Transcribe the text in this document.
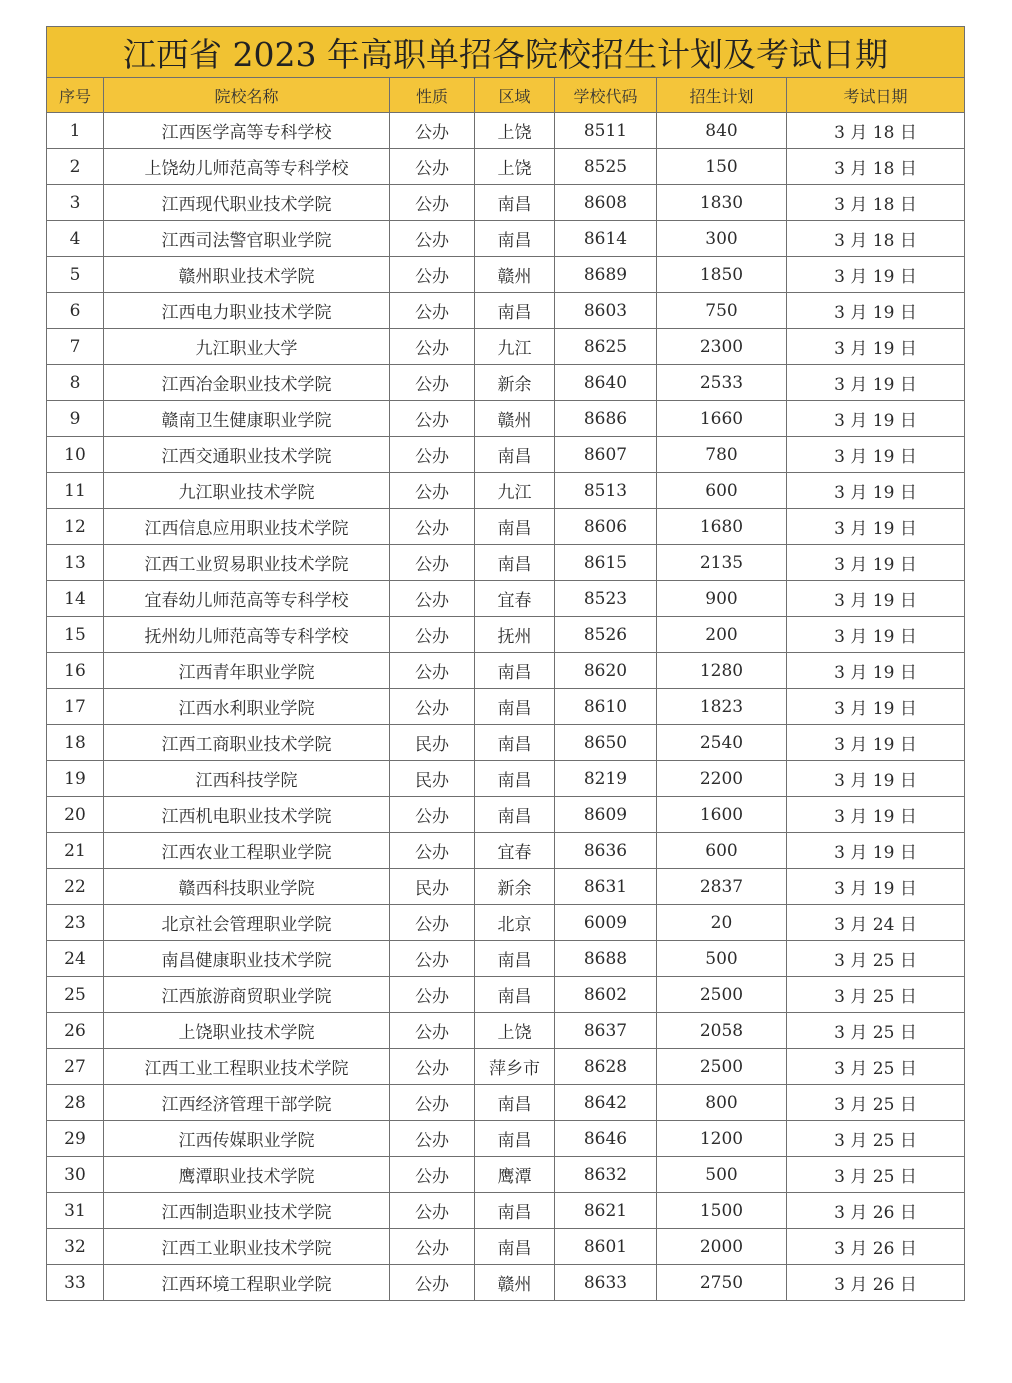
江西省 2023 年高职单招各院校招生计划及考试日期						
序号	院校名称	性质	区域	学校代码	招生计划	考试日期
1	江西医学高等专科学校	公办	上饶	8511	840	3 月 18 日
2	上饶幼儿师范高等专科学校	公办	上饶	8525	150	3 月 18 日
3	江西现代职业技术学院	公办	南昌	8608	1830	3 月 18 日
4	江西司法警官职业学院	公办	南昌	8614	300	3 月 18 日
5	赣州职业技术学院	公办	赣州	8689	1850	3 月 19 日
6	江西电力职业技术学院	公办	南昌	8603	750	3 月 19 日
7	九江职业大学	公办	九江	8625	2300	3 月 19 日
8	江西冶金职业技术学院	公办	新余	8640	2533	3 月 19 日
9	赣南卫生健康职业学院	公办	赣州	8686	1660	3 月 19 日
10	江西交通职业技术学院	公办	南昌	8607	780	3 月 19 日
11	九江职业技术学院	公办	九江	8513	600	3 月 19 日
12	江西信息应用职业技术学院	公办	南昌	8606	1680	3 月 19 日
13	江西工业贸易职业技术学院	公办	南昌	8615	2135	3 月 19 日
14	宜春幼儿师范高等专科学校	公办	宜春	8523	900	3 月 19 日
15	抚州幼儿师范高等专科学校	公办	抚州	8526	200	3 月 19 日
16	江西青年职业学院	公办	南昌	8620	1280	3 月 19 日
17	江西水利职业学院	公办	南昌	8610	1823	3 月 19 日
18	江西工商职业技术学院	民办	南昌	8650	2540	3 月 19 日
19	江西科技学院	民办	南昌	8219	2200	3 月 19 日
20	江西机电职业技术学院	公办	南昌	8609	1600	3 月 19 日
21	江西农业工程职业学院	公办	宜春	8636	600	3 月 19 日
22	赣西科技职业学院	民办	新余	8631	2837	3 月 19 日
23	北京社会管理职业学院	公办	北京	6009	20	3 月 24 日
24	南昌健康职业技术学院	公办	南昌	8688	500	3 月 25 日
25	江西旅游商贸职业学院	公办	南昌	8602	2500	3 月 25 日
26	上饶职业技术学院	公办	上饶	8637	2058	3 月 25 日
27	江西工业工程职业技术学院	公办	萍乡市	8628	2500	3 月 25 日
28	江西经济管理干部学院	公办	南昌	8642	800	3 月 25 日
29	江西传媒职业学院	公办	南昌	8646	1200	3 月 25 日
30	鹰潭职业技术学院	公办	鹰潭	8632	500	3 月 25 日
31	江西制造职业技术学院	公办	南昌	8621	1500	3 月 26 日
32	江西工业职业技术学院	公办	南昌	8601	2000	3 月 26 日
33	江西环境工程职业学院	公办	赣州	8633	2750	3 月 26 日
